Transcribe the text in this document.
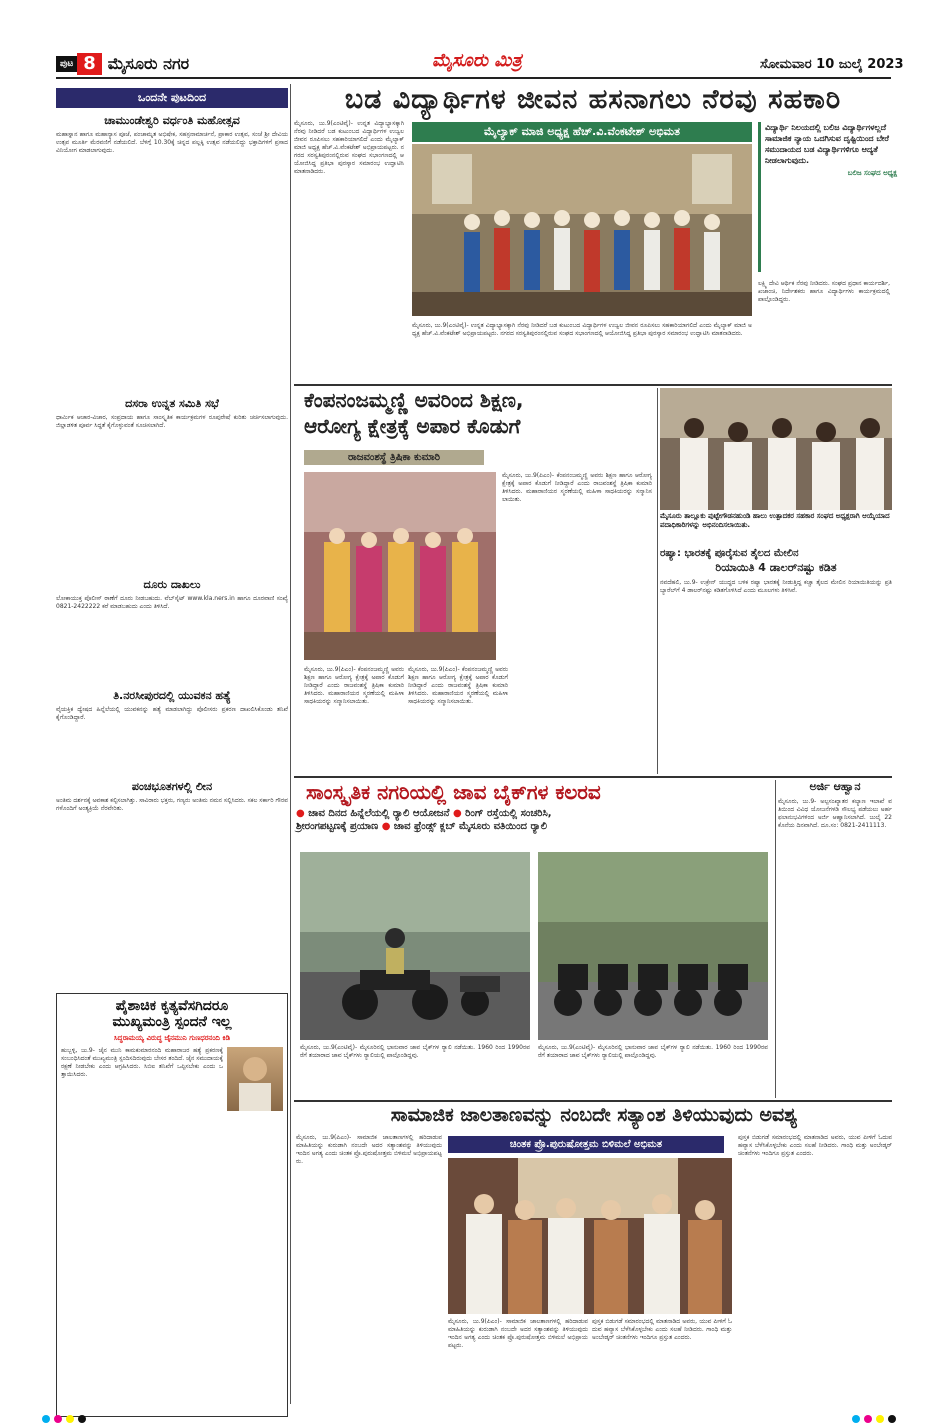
ಪುಟ 8 ಮೈಸೂರು ನಗರ	ಮೈಸೂರು ಮಿತ್ರ	ಸೋಮವಾರ 10 ಜುಲೈ 2023
ಒಂದನೇ ಪುಟದಿಂದ
ಚಾಮುಂಡೇಶ್ವರಿ ವರ್ಧಂತಿ ಮಹೋತ್ಸವ
ಮಹಾಸ್ನಾನ ಹಾಗೂ ಮಹಾನ್ಯಾಸ ಪೂಜೆ, ಪಂಚಾಮೃತ ಅಭಿಷೇಕ, ಸಹಸ್ರನಾಮಾರ್ಚನೆ, ಪ್ರಾಕಾರ ಉತ್ಸವ, ಸಂಜೆ ಶ್ರೀ ದೇವಿಯ ಉತ್ಸವ ಮೂರ್ತಿ ಮೆರವಣಿಗೆ ನಡೆಯಲಿದೆ. ಬೆಳಿಗ್ಗೆ 10.30ಕ್ಕೆ ಚಿನ್ನದ ಪಲ್ಲಕ್ಕಿ ಉತ್ಸವ ನಡೆಯಲಿದ್ದು ಭಕ್ತಾದಿಗಳಿಗೆ ಪ್ರಸಾದ ವಿನಿಯೋಗ ಮಾಡಲಾಗುವುದು.
ದಸರಾ ಉನ್ನತ ಸಮಿತಿ ಸಭೆ
ಧಾರ್ಮಿಕ ಆಚಾರ-ವಿಚಾರ, ಸಂಪ್ರದಾಯ ಹಾಗೂ ಸಾಂಸ್ಕೃತಿಕ ಕಾರ್ಯಕ್ರಮಗಳ ರೂಪುರೇಷೆ ಕುರಿತು ಚರ್ಚಿಸಲಾಗುವುದು. ಜಿಲ್ಲಾಡಳಿತ ಪೂರ್ವ ಸಿದ್ಧತೆ ಕೈಗೊಳ್ಳುವಂತೆ ಸೂಚಿಸಲಾಗಿದೆ.
ದೂರು ದಾಖಲು
ಲೋಕಾಯುಕ್ತ ಪೊಲೀಸ್ ಠಾಣೆಗೆ ದೂರು ನೀಡಬಹುದು. ವೆಬ್‌ಸೈಟ್ www.kla.ners.in ಹಾಗೂ ದೂರವಾಣಿ ಸಂಖ್ಯೆ 0821-2422222 ಕರೆ ಮಾಡಬಹುದು ಎಂದು ತಿಳಿಸಿದೆ.
ತಿ.ನರಸೀಪುರದಲ್ಲಿ ಯುವಕನ ಹತ್ಯೆ
ವೈಯಕ್ತಿಕ ದ್ವೇಷದ ಹಿನ್ನೆಲೆಯಲ್ಲಿ ಯುವಕನನ್ನು ಹತ್ಯೆ ಮಾಡಲಾಗಿದ್ದು ಪೊಲೀಸರು ಪ್ರಕರಣ ದಾಖಲಿಸಿಕೊಂಡು ತನಿಖೆ ಕೈಗೊಂಡಿದ್ದಾರೆ.
ಪಂಚಭೂತಗಳಲ್ಲಿ ಲೀನ
ಅಂತಿಮ ದರ್ಶನಕ್ಕೆ ಅವಕಾಶ ಕಲ್ಪಿಸಲಾಗಿತ್ತು. ಸಾವಿರಾರು ಭಕ್ತರು, ಗಣ್ಯರು ಅಂತಿಮ ನಮನ ಸಲ್ಲಿಸಿದರು. ಸಕಲ ಸರ್ಕಾರಿ ಗೌರವಗಳೊಂದಿಗೆ ಅಂತ್ಯಕ್ರಿಯೆ ನೆರವೇರಿತು.
ಪೈಶಾಚಿಕ ಕೃತ್ಯವೆಸಗಿದರೂ
ಮುಖ್ಯಮಂತ್ರಿ ಸ್ಪಂದನೆ ಇಲ್ಲ
ಸಿದ್ಧರಾಮಯ್ಯ ವಿರುದ್ಧ ಜೈನಮುನಿ ಗುಣಧರನಂದಿ ಕಿಡಿ
ಹುಬ್ಬಳ್ಳಿ, ಜು.9- ಜೈನ ಮುನಿ ಕಾಮಕುಮಾರನಂದಿ ಮಹಾರಾಜರ ಹತ್ಯೆ ಪ್ರಕರಣಕ್ಕೆ ಸಂಬಂಧಿಸಿದಂತೆ ಮುಖ್ಯಮಂತ್ರಿ ಸ್ಪಂದಿಸದಿರುವುದು ಬೇಸರ ತಂದಿದೆ. ಜೈನ ಸಮುದಾಯಕ್ಕೆ ರಕ್ಷಣೆ ನೀಡಬೇಕು ಎಂದು ಆಗ್ರಹಿಸಿದರು. ಸಿಬಿಐ ತನಿಖೆಗೆ ಒಪ್ಪಿಸಬೇಕು ಎಂದು ಒತ್ತಾಯಿಸಿದರು.
ಬಡ ವಿದ್ಯಾರ್ಥಿಗಳ ಜೀವನ ಹಸನಾಗಲು ನೆರವು ಸಹಕಾರಿ
ಮೈಸೂರು, ಜು.9(ಎಂಟಿವೈ)- ಉನ್ನತ ವಿದ್ಯಾಭ್ಯಾಸಕ್ಕಾಗಿ ನೆರವು ನೀಡಿದರೆ ಬಡ ಕುಟುಂಬದ ವಿದ್ಯಾರ್ಥಿಗಳ ಉಜ್ವಲ ಜೀವನ ರೂಪಿಸಲು ಸಹಕಾರಿಯಾಗಲಿದೆ ಎಂದು ಮೈಲ್ಯಾಕ್ ಮಾಜಿ ಅಧ್ಯಕ್ಷ ಹೆಚ್.ವಿ.ವೆಂಕಟೇಶ್ ಅಭಿಪ್ರಾಯಪಟ್ಟರು. ನಗರದ ಸರಸ್ವತಿಪುರಂನಲ್ಲಿರುವ ಸಂಘದ ಸಭಾಂಗಣದಲ್ಲಿ ಆಯೋಜಿಸಿದ್ದ ಪ್ರತಿಭಾ ಪುರಸ್ಕಾರ ಸಮಾರಂಭ ಉದ್ಘಾಟಿಸಿ ಮಾತನಾಡಿದರು.
ಮೈಲ್ಯಾಕ್ ಮಾಜಿ ಅಧ್ಯಕ್ಷ ಹೆಚ್.ವಿ.ವೆಂಕಟೇಶ್ ಅಭಿಮತ
ಮೈಸೂರು, ಜು.9(ಎಂಟಿವೈ)- ಉನ್ನತ ವಿದ್ಯಾಭ್ಯಾಸಕ್ಕಾಗಿ ನೆರವು ನೀಡಿದರೆ ಬಡ ಕುಟುಂಬದ ವಿದ್ಯಾರ್ಥಿಗಳ ಉಜ್ವಲ ಜೀವನ ರೂಪಿಸಲು ಸಹಕಾರಿಯಾಗಲಿದೆ ಎಂದು ಮೈಲ್ಯಾಕ್ ಮಾಜಿ ಅಧ್ಯಕ್ಷ ಹೆಚ್.ವಿ.ವೆಂಕಟೇಶ್ ಅಭಿಪ್ರಾಯಪಟ್ಟರು. ನಗರದ ಸರಸ್ವತಿಪುರಂನಲ್ಲಿರುವ ಸಂಘದ ಸಭಾಂಗಣದಲ್ಲಿ ಆಯೋಜಿಸಿದ್ದ ಪ್ರತಿಭಾ ಪುರಸ್ಕಾರ ಸಮಾರಂಭ ಉದ್ಘಾಟಿಸಿ ಮಾತನಾಡಿದರು.
ವಿದ್ಯಾರ್ಥಿ ನಿಲಯದಲ್ಲಿ ಬಲಿಜ ವಿದ್ಯಾರ್ಥಿಗಳಲ್ಲದೆ ಸಾಮಾಜಿಕ ನ್ಯಾಯ ಒದಗಿಸುವ ದೃಷ್ಟಿಯಿಂದ ಬೇರೆ ಸಮುದಾಯದ ಬಡ ವಿದ್ಯಾರ್ಥಿಗಳಿಗೂ ಆದ್ಯತೆ ನೀಡಲಾಗುವುದು.
ಬಲಿಜ ಸಂಘದ ಅಧ್ಯಕ್ಷ
ಲಕ್ಷ್ಮಿ ದೇವಿ ಆರ್ಥಿಕ ನೆರವು ನೀಡಿದರು. ಸಂಘದ ಪ್ರಧಾನ ಕಾರ್ಯದರ್ಶಿ, ಖಜಾಂಚಿ, ನಿರ್ದೇಶಕರು ಹಾಗೂ ವಿದ್ಯಾರ್ಥಿಗಳು ಕಾರ್ಯಕ್ರಮದಲ್ಲಿ ಪಾಲ್ಗೊಂಡಿದ್ದರು.
ಕೆಂಪನಂಜಮ್ಮಣ್ಣಿ ಅವರಿಂದ ಶಿಕ್ಷಣ,
ಆರೋಗ್ಯ ಕ್ಷೇತ್ರಕ್ಕೆ ಅಪಾರ ಕೊಡುಗೆ
ರಾಜವಂಶಸ್ಥೆ ತ್ರಿಷಿಕಾ ಕುಮಾರಿ
ಮೈಸೂರು, ಜು.9(ಪಿಎಂ)- ಕೆಂಪನಂಜಮ್ಮಣ್ಣಿ ಅವರು ಶಿಕ್ಷಣ ಹಾಗೂ ಆರೋಗ್ಯ ಕ್ಷೇತ್ರಕ್ಕೆ ಅಪಾರ ಕೊಡುಗೆ ನೀಡಿದ್ದಾರೆ ಎಂದು ರಾಜವಂಶಸ್ಥೆ ತ್ರಿಷಿಕಾ ಕುಮಾರಿ ತಿಳಿಸಿದರು. ಮಹಾರಾಣಿಯರ ಸ್ಮರಣೆಯಲ್ಲಿ ಮಹಿಳಾ ಸಾಧಕಿಯರನ್ನು ಸನ್ಮಾನಿಸಲಾಯಿತು.
ಮೈಸೂರು, ಜು.9(ಪಿಎಂ)- ಕೆಂಪನಂಜಮ್ಮಣ್ಣಿ ಅವರು ಶಿಕ್ಷಣ ಹಾಗೂ ಆರೋಗ್ಯ ಕ್ಷೇತ್ರಕ್ಕೆ ಅಪಾರ ಕೊಡುಗೆ ನೀಡಿದ್ದಾರೆ ಎಂದು ರಾಜವಂಶಸ್ಥೆ ತ್ರಿಷಿಕಾ ಕುಮಾರಿ ತಿಳಿಸಿದರು. ಮಹಾರಾಣಿಯರ ಸ್ಮರಣೆಯಲ್ಲಿ ಮಹಿಳಾ ಸಾಧಕಿಯರನ್ನು ಸನ್ಮಾನಿಸಲಾಯಿತು.
ಮೈಸೂರು, ಜು.9(ಪಿಎಂ)- ಕೆಂಪನಂಜಮ್ಮಣ್ಣಿ ಅವರು ಶಿಕ್ಷಣ ಹಾಗೂ ಆರೋಗ್ಯ ಕ್ಷೇತ್ರಕ್ಕೆ ಅಪಾರ ಕೊಡುಗೆ ನೀಡಿದ್ದಾರೆ ಎಂದು ರಾಜವಂಶಸ್ಥೆ ತ್ರಿಷಿಕಾ ಕುಮಾರಿ ತಿಳಿಸಿದರು. ಮಹಾರಾಣಿಯರ ಸ್ಮರಣೆಯಲ್ಲಿ ಮಹಿಳಾ ಸಾಧಕಿಯರನ್ನು ಸನ್ಮಾನಿಸಲಾಯಿತು.
ಮೈಸೂರು ತಾಲ್ಲೂಕು ಪುಟ್ಟೇಗೌಡನಹುಂಡಿ ಹಾಲು ಉತ್ಪಾದಕರ ಸಹಕಾರ ಸಂಘದ ಅಧ್ಯಕ್ಷರಾಗಿ ಆಯ್ಕೆಯಾದ ಪದಾಧಿಕಾರಿಗಳನ್ನು ಅಭಿನಂದಿಸಲಾಯಿತು.
ರಷ್ಯಾ: ಭಾರತಕ್ಕೆ ಪೂರೈಸುವ ತೈಲದ ಮೇಲಿನ
ರಿಯಾಯಿತಿ 4 ಡಾಲರ್‌ನಷ್ಟು ಕಡಿತ
ನವದೆಹಲಿ, ಜು.9- ಉಕ್ರೇನ್ ಯುದ್ಧದ ಬಳಿಕ ರಷ್ಯಾ ಭಾರತಕ್ಕೆ ನೀಡುತ್ತಿದ್ದ ಕಚ್ಚಾ ತೈಲದ ಮೇಲಿನ ರಿಯಾಯಿತಿಯನ್ನು ಪ್ರತಿ ಬ್ಯಾರೆಲ್‌ಗೆ 4 ಡಾಲರ್‌ನಷ್ಟು ಕಡಿತಗೊಳಿಸಿದೆ ಎಂದು ಮೂಲಗಳು ತಿಳಿಸಿವೆ.
ಸಾಂಸ್ಕೃತಿಕ ನಗರಿಯಲ್ಲಿ ಜಾವ ಬೈಕ್‌ಗಳ ಕಲರವ
● ಜಾವ ದಿನದ ಹಿನ್ನೆಲೆಯಲ್ಲಿ ರ್‍ಯಾಲಿ ಆಯೋಜನೆ ● ರಿಂಗ್ ರಸ್ತೆಯಲ್ಲಿ ಸಂಚರಿಸಿ,
ಶ್ರೀರಂಗಪಟ್ಟಣಕ್ಕೆ ಪ್ರಯಾಣ ● ಜಾವ ಫ್ರೆಂಡ್ಸ್ ಕ್ಲಬ್ ಮೈಸೂರು ವತಿಯಿಂದ ರ್‍ಯಾಲಿ
ಮೈಸೂರು, ಜು.9(ಎಂಟಿವೈ)- ಮೈಸೂರಿನಲ್ಲಿ ಭಾನುವಾರ ಜಾವ ಬೈಕ್‌ಗಳ ರ್‍ಯಾಲಿ ನಡೆಯಿತು. 1960 ರಿಂದ 1990ರವರೆಗೆ ತಯಾರಾದ ಜಾವ ಬೈಕ್‌ಗಳು ರ್‍ಯಾಲಿಯಲ್ಲಿ ಪಾಲ್ಗೊಂಡಿದ್ದವು.
ಮೈಸೂರು, ಜು.9(ಎಂಟಿವೈ)- ಮೈಸೂರಿನಲ್ಲಿ ಭಾನುವಾರ ಜಾವ ಬೈಕ್‌ಗಳ ರ್‍ಯಾಲಿ ನಡೆಯಿತು. 1960 ರಿಂದ 1990ರವರೆಗೆ ತಯಾರಾದ ಜಾವ ಬೈಕ್‌ಗಳು ರ್‍ಯಾಲಿಯಲ್ಲಿ ಪಾಲ್ಗೊಂಡಿದ್ದವು.
ಅರ್ಜಿ ಆಹ್ವಾನ
ಮೈಸೂರು, ಜು.9- ಅಲ್ಪಸಂಖ್ಯಾತರ ಕಲ್ಯಾಣ ಇಲಾಖೆ ವತಿಯಿಂದ ವಿವಿಧ ಯೋಜನೆಗಳಡಿ ಸೌಲಭ್ಯ ಪಡೆಯಲು ಅರ್ಹ ಫಲಾನುಭವಿಗಳಿಂದ ಅರ್ಜಿ ಆಹ್ವಾನಿಸಲಾಗಿದೆ. ಜುಲೈ 22 ಕೊನೆಯ ದಿನವಾಗಿದೆ. ದೂ.ಸಂ: 0821-2411113.
ಸಾಮಾಜಿಕ ಜಾಲತಾಣವನ್ನು ನಂಬದೇ ಸತ್ಯಾಂಶ ತಿಳಿಯುವುದು ಅವಶ್ಯ
ಮೈಸೂರು, ಜು.9(ಪಿಎಂ)- ಸಾಮಾಜಿಕ ಜಾಲತಾಣಗಳಲ್ಲಿ ಹರಿದಾಡುವ ಮಾಹಿತಿಯನ್ನು ಕುರುಡಾಗಿ ನಂಬದೇ ಅದರ ಸತ್ಯಾಂಶವನ್ನು ತಿಳಿಯುವುದು ಇಂದಿನ ಅಗತ್ಯ ಎಂದು ಚಿಂತಕ ಪ್ರೊ.ಪುರುಷೋತ್ತಮ ಬಿಳಿಮಲೆ ಅಭಿಪ್ರಾಯಪಟ್ಟರು.
ಚಿಂತಕ ಪ್ರೊ.ಪುರುಷೋತ್ತಮ ಬಿಳಿಮಲೆ ಅಭಿಮತ
ಮೈಸೂರು, ಜು.9(ಪಿಎಂ)- ಸಾಮಾಜಿಕ ಜಾಲತಾಣಗಳಲ್ಲಿ ಹರಿದಾಡುವ ಮಾಹಿತಿಯನ್ನು ಕುರುಡಾಗಿ ನಂಬದೇ ಅದರ ಸತ್ಯಾಂಶವನ್ನು ತಿಳಿಯುವುದು ಇಂದಿನ ಅಗತ್ಯ ಎಂದು ಚಿಂತಕ ಪ್ರೊ.ಪುರುಷೋತ್ತಮ ಬಿಳಿಮಲೆ ಅಭಿಪ್ರಾಯಪಟ್ಟರು.
ಪುಸ್ತಕ ಬಿಡುಗಡೆ ಸಮಾರಂಭದಲ್ಲಿ ಮಾತನಾಡಿದ ಅವರು, ಯುವ ಪೀಳಿಗೆ ಓದುವ ಹವ್ಯಾಸ ಬೆಳೆಸಿಕೊಳ್ಳಬೇಕು ಎಂದು ಸಲಹೆ ನೀಡಿದರು. ಗಾಂಧಿ ಮತ್ತು ಅಂಬೇಡ್ಕರ್ ಚಿಂತನೆಗಳು ಇಂದಿಗೂ ಪ್ರಸ್ತುತ ಎಂದರು.
ಪುಸ್ತಕ ಬಿಡುಗಡೆ ಸಮಾರಂಭದಲ್ಲಿ ಮಾತನಾಡಿದ ಅವರು, ಯುವ ಪೀಳಿಗೆ ಓದುವ ಹವ್ಯಾಸ ಬೆಳೆಸಿಕೊಳ್ಳಬೇಕು ಎಂದು ಸಲಹೆ ನೀಡಿದರು. ಗಾಂಧಿ ಮತ್ತು ಅಂಬೇಡ್ಕರ್ ಚಿಂತನೆಗಳು ಇಂದಿಗೂ ಪ್ರಸ್ತುತ ಎಂದರು.
